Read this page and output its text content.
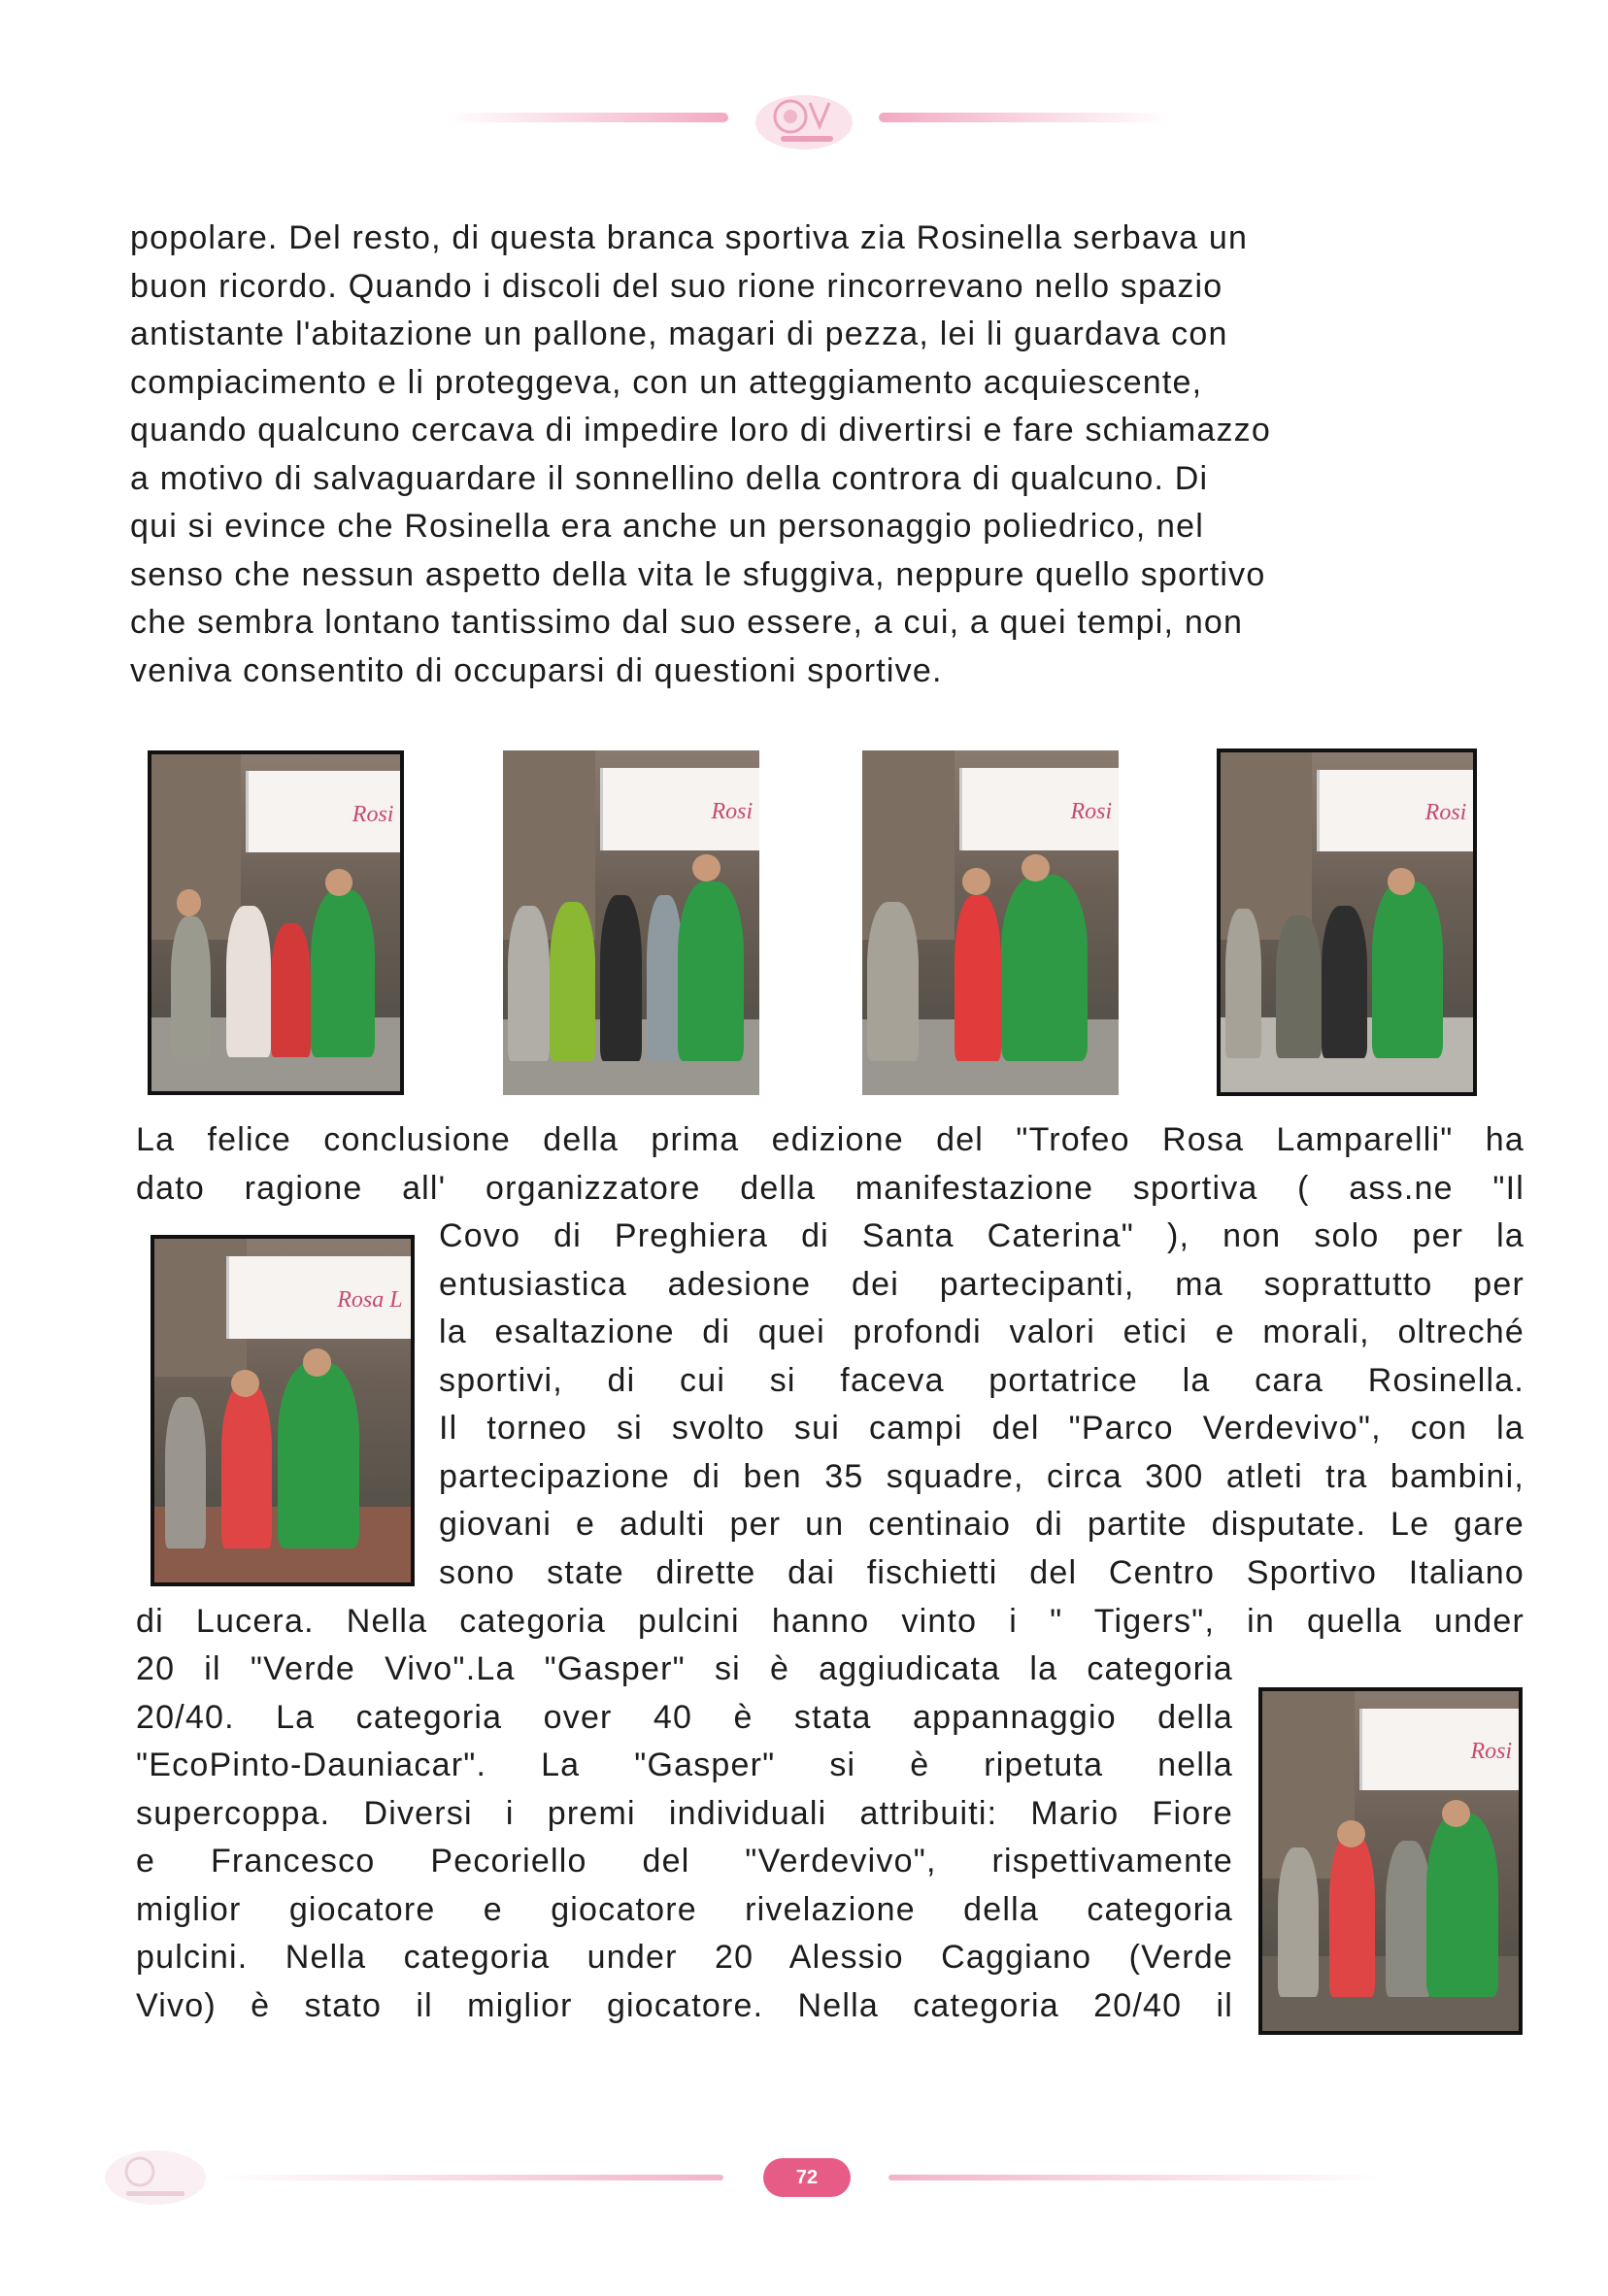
popolare. Del resto, di questa branca sportiva zia Rosinella serbava un
buon ricordo. Quando i discoli del suo rione rincorrevano nello spazio
antistante l'abitazione un pallone, magari di pezza, lei li guardava con
compiacimento e li proteggeva, con un atteggiamento acquiescente,
quando qualcuno cercava di impedire loro di divertirsi e fare schiamazzo
a motivo di salvaguardare il sonnellino della controra di qualcuno. Di
qui si evince che Rosinella era anche un personaggio poliedrico, nel
senso che nessun aspetto della vita le sfuggiva, neppure quello sportivo
che sembra lontano tantissimo dal suo essere, a cui, a quei tempi, non
veniva consentito di occuparsi di questioni sportive.
Rosi	Rosi	Rosi	Rosi
La felice conclusione della prima edizione del "Trofeo Rosa Lamparelli" ha
dato ragione all' organizzatore della manifestazione sportiva ( ass.ne "Il
Rosa L
Covo di Preghiera di Santa Caterina" ), non solo per la
entusiastica adesione dei partecipanti, ma soprattutto per
la esaltazione di quei profondi valori etici e morali, oltreché
sportivi, di cui si faceva portatrice la cara Rosinella.
Il torneo si svolto sui campi del "Parco Verdevivo", con la
partecipazione di ben 35 squadre, circa 300 atleti tra bambini,
giovani e adulti per un centinaio di partite disputate. Le gare
sono state dirette dai fischietti del Centro Sportivo Italiano
di Lucera. Nella categoria pulcini hanno vinto i " Tigers", in quella under
20 il "Verde Vivo".La "Gasper" si è aggiudicata la categoria
20/40. La categoria over 40 è stata appannaggio della
"EcoPinto-Dauniacar". La "Gasper" si è ripetuta nella
supercoppa. Diversi i premi individuali attribuiti: Mario Fiore
e Francesco Pecoriello del "Verdevivo", rispettivamente
miglior giocatore e giocatore rivelazione della categoria
pulcini. Nella categoria under 20 Alessio Caggiano (Verde
Vivo) è stato il miglior giocatore. Nella categoria 20/40 il
Rosi
72
